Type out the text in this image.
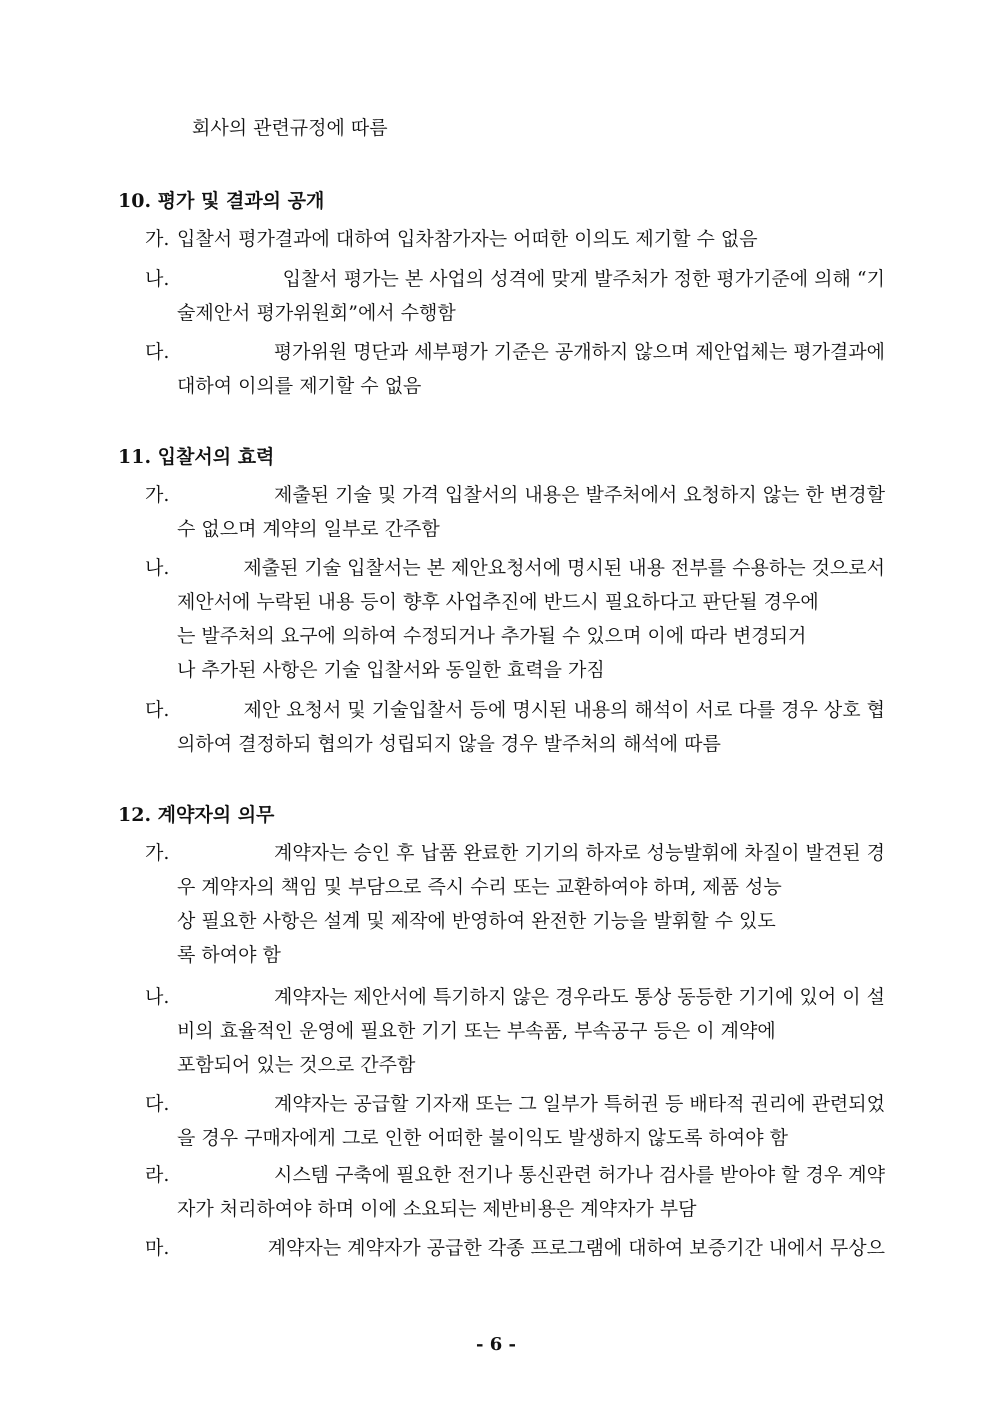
회사의 관련규정에 따름
10. 평가 및 결과의 공개
가. 입찰서 평가결과에 대하여 입차참가자는 어떠한 이의도 제기할 수 없음
나.	입찰서 평가는 본 사업의 성격에 맞게 발주처가 정한 평가기준에 의해 “기
술제안서 평가위원회”에서 수행함
다.	평가위원 명단과 세부평가 기준은 공개하지 않으며 제안업체는 평가결과에
대하여 이의를 제기할 수 없음
11. 입찰서의 효력
가.	제출된 기술 및 가격 입찰서의 내용은 발주처에서 요청하지 않는 한 변경할
수 없으며 계약의 일부로 간주함
나.	제출된 기술 입찰서는 본 제안요청서에 명시된 내용 전부를 수용하는 것으로서
제안서에 누락된 내용 등이 향후 사업추진에 반드시 필요하다고 판단될 경우에
는 발주처의 요구에 의하여 수정되거나 추가될 수 있으며 이에 따라 변경되거
나 추가된 사항은 기술 입찰서와 동일한 효력을 가짐
다.	제안 요청서 및 기술입찰서 등에 명시된 내용의 해석이 서로 다를 경우 상호 협
의하여 결정하되 협의가 성립되지 않을 경우 발주처의 해석에 따름
12. 계약자의 의무
가.	계약자는 승인 후 납품 완료한 기기의 하자로 성능발휘에 차질이 발견된 경
우 계약자의 책임 및 부담으로 즉시 수리 또는 교환하여야 하며, 제품 성능
상 필요한 사항은 설계 및 제작에 반영하여 완전한 기능을 발휘할 수 있도
록 하여야 함
나.	계약자는 제안서에 특기하지 않은 경우라도 통상 동등한 기기에 있어 이 설
비의 효율적인 운영에 필요한 기기 또는 부속품, 부속공구 등은 이 계약에
포함되어 있는 것으로 간주함
다.	계약자는 공급할 기자재 또는 그 일부가 특허권 등 배타적 권리에 관련되었
을 경우 구매자에게 그로 인한 어떠한 불이익도 발생하지 않도록 하여야 함
라.	시스템 구축에 필요한 전기나 통신관련 허가나 검사를 받아야 할 경우 계약
자가 처리하여야 하며 이에 소요되는 제반비용은 계약자가 부담
마.	계약자는 계약자가 공급한 각종 프로그램에 대하여 보증기간 내에서 무상으
- 6 -
